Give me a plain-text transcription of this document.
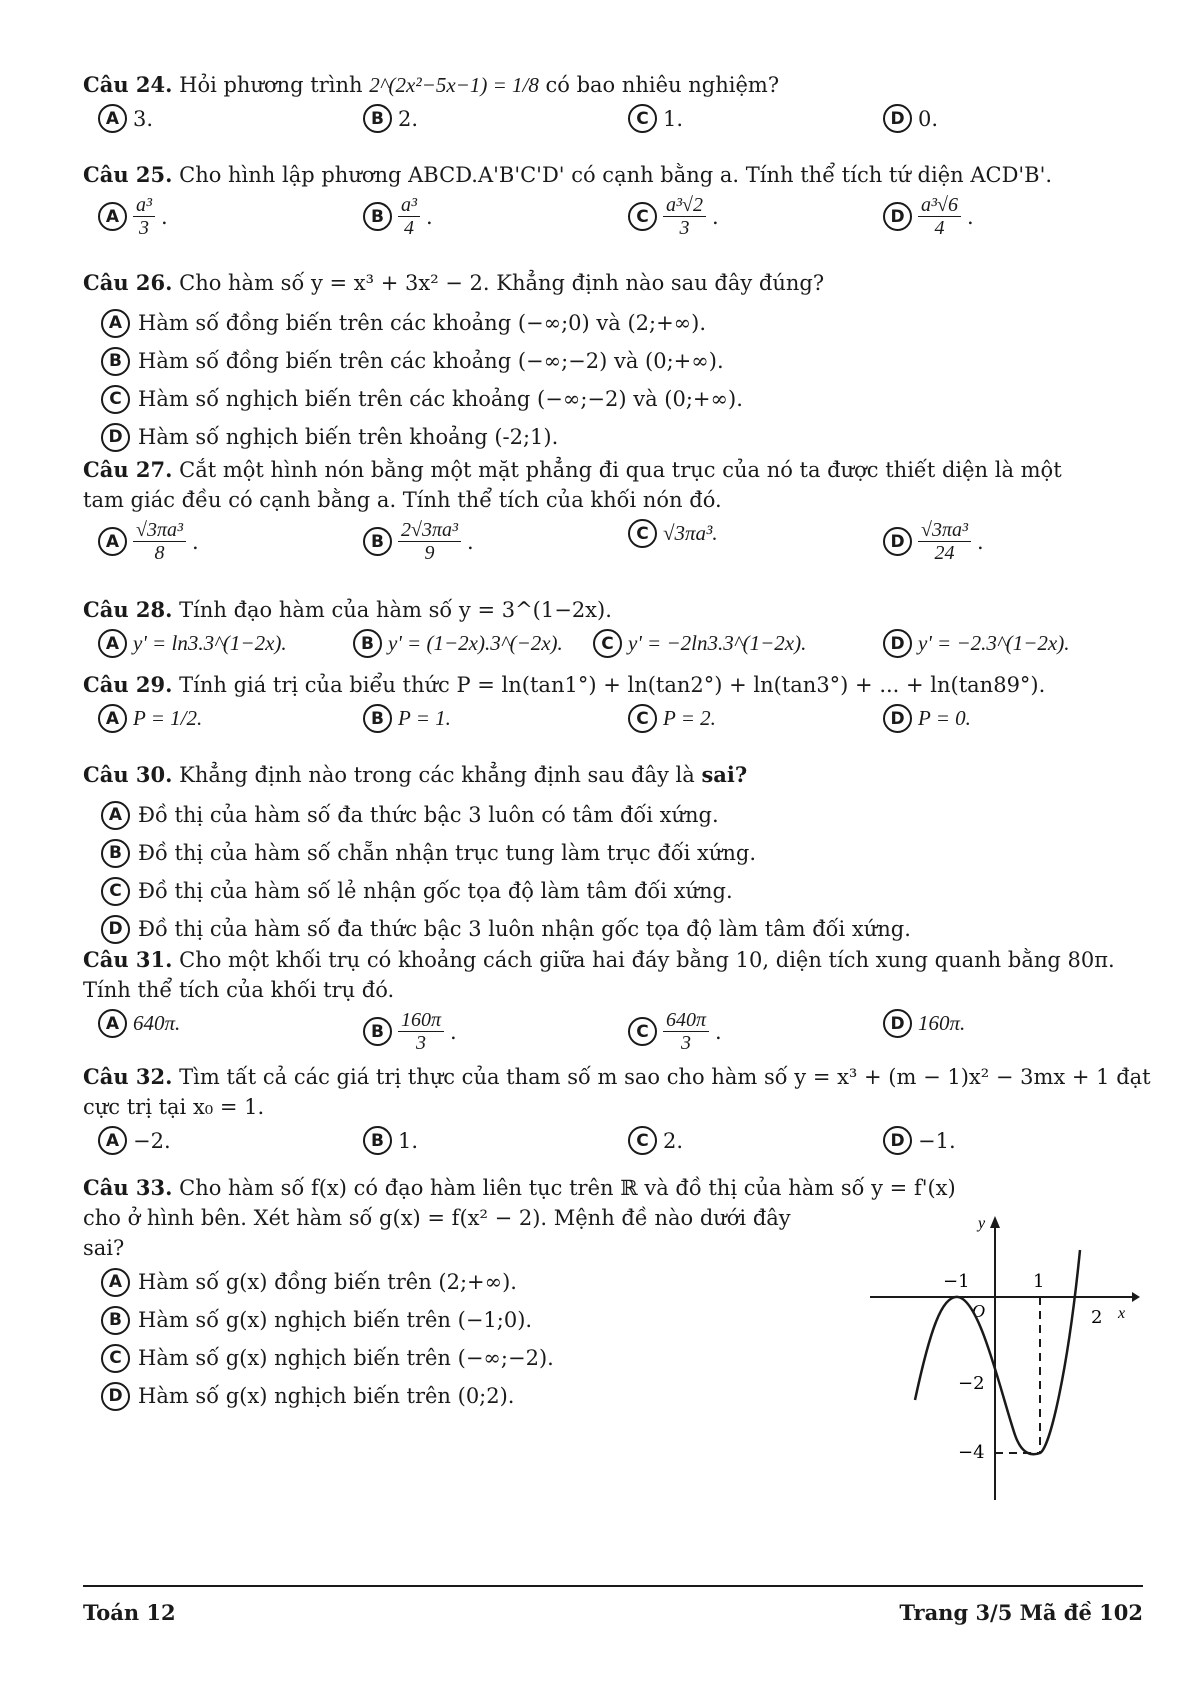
Câu 24. Hỏi phương trình 2^(2x²−5x−1) = 1/8 có bao nhiêu nghiệm?
A 3.	B 2.	C 1.	D 0.
Câu 25. Cho hình lập phương ABCD.A'B'C'D' có cạnh bằng a. Tính thể tích tứ diện ACD'B'.
A $\frac{\text{a³}}{3}$ .	B $\frac{\text{a³}}{4}$ .	C $\frac{\text{a³√2}}{3}$ .	D $\frac{\text{a³√6}}{4}$ .
Câu 26. Cho hàm số y = x³ + 3x² − 2. Khẳng định nào sau đây đúng?
A Hàm số đồng biến trên các khoảng (−∞;0) và (2;+∞).
B Hàm số đồng biến trên các khoảng (−∞;−2) và (0;+∞).
C Hàm số nghịch biến trên các khoảng (−∞;−2) và (0;+∞).
D Hàm số nghịch biến trên khoảng (-2;1).
Câu 27. Cắt một hình nón bằng một mặt phẳng đi qua trục của nó ta được thiết diện là một
tam giác đều có cạnh bằng a. Tính thể tích của khối nón đó.
A $\frac{\text{√3πa³}}{8}$ .	B $\frac{\text{2√3πa³}}{9}$ .	C √3πa³.	D $\frac{\text{√3πa³}}{24}$ .
Câu 28. Tính đạo hàm của hàm số y = 3^(1−2x).
A y' = ln3.3^(1−2x).	B y' = (1−2x).3^(−2x).	C y' = −2ln3.3^(1−2x).	D y' = −2.3^(1−2x).
Câu 29. Tính giá trị của biểu thức P = ln(tan1°) + ln(tan2°) + ln(tan3°) + ... + ln(tan89°).
A P = 1/2.	B P = 1.	C P = 2.	D P = 0.
Câu 30. Khẳng định nào trong các khẳng định sau đây là sai?
A Đồ thị của hàm số đa thức bậc 3 luôn có tâm đối xứng.
B Đồ thị của hàm số chẵn nhận trục tung làm trục đối xứng.
C Đồ thị của hàm số lẻ nhận gốc tọa độ làm tâm đối xứng.
D Đồ thị của hàm số đa thức bậc 3 luôn nhận gốc tọa độ làm tâm đối xứng.
Câu 31. Cho một khối trụ có khoảng cách giữa hai đáy bằng 10, diện tích xung quanh bằng 80π.
Tính thể tích của khối trụ đó.
A 640π.	B $\frac{160\pi}{3}$ .	C $\frac{640\pi}{3}$ .	D 160π.
Câu 32. Tìm tất cả các giá trị thực của tham số m sao cho hàm số y = x³ + (m − 1)x² − 3mx + 1 đạt
cực trị tại x₀ = 1.
A −2.	B 1.	C 2.	D −1.
Câu 33. Cho hàm số f(x) có đạo hàm liên tục trên ℝ và đồ thị của hàm số y = f'(x)
cho ở hình bên. Xét hàm số g(x) = f(x² − 2). Mệnh đề nào dưới đây
sai?
A Hàm số g(x) đồng biến trên (2;+∞).
B Hàm số g(x) nghịch biến trên (−1;0).
C Hàm số g(x) nghịch biến trên (−∞;−2).
D Hàm số g(x) nghịch biến trên (0;2).
y
x
O
−1	1
2
−2
−4
Toán 12	Trang 3/5 Mã đề 102
